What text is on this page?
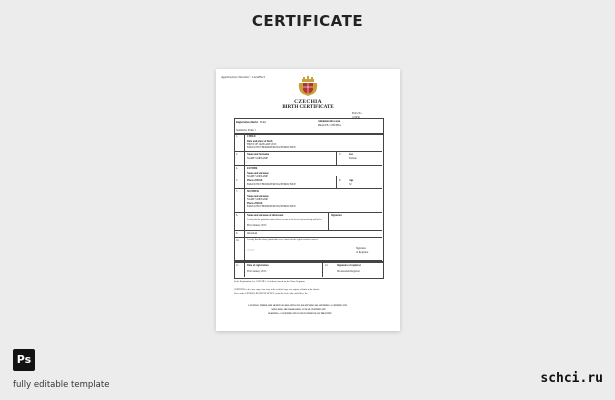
CERTIFICATE
Application Number: 14228911
CZECHIA
BIRTH CERTIFICATE
Entry No.
123456
Registration district Praha	Administrative area
PRAGUE, CZECHIA
Subdistrict Praha 1
1.	CHILD
Date and place of birth
FIRST OF JANUARY 2013
FAKULTNI THOMAYEROVA NEMOCNICE
2.	Name and Surname
NAME SURNAME
3.	Sex
Female
4.	FATHER
Name and surname
NAME SURNAME
5.	Place of Birth
FAKULTNI THOMAYEROVA NEMOCNICE
6.	Age
32
7.	MOTHER
Name and surname
NAME SURNAME
Place of Birth
FAKULTNI THOMAYEROVA NEMOCNICE
8.	Name and surname of informant	Signature
I certify that the particulars entered above are true to the best of my knowledge and belief
First January 2013
9.	Informant
10.	I certify that the above particulars were entered in the register and are correct
~~~~	Signature
of Registrar
11.	Date of registration
First January 2013
12.	Signature of registrar
JR Assistant Registrar
In the Registration Act. CZECHIA. Certificate issued for the Prime Registrar
CERTIFIED to be a true copy of an entry in the certified copy of a register of births in the district
Given at the GENERAL REGISTER OFFICE, under the Seal of the said Office, the
CAUTION: THERE ARE OFFENCES RELATING TO FALSIFYING OR ALTERING A CERTIFICATE
AND USING OR POSSESSING A FALSE CERTIFICATE
WARNING: A CERTIFICATE IS NOT EVIDENCE OF IDENTITY
Ps
fully editable template	schci.ru
